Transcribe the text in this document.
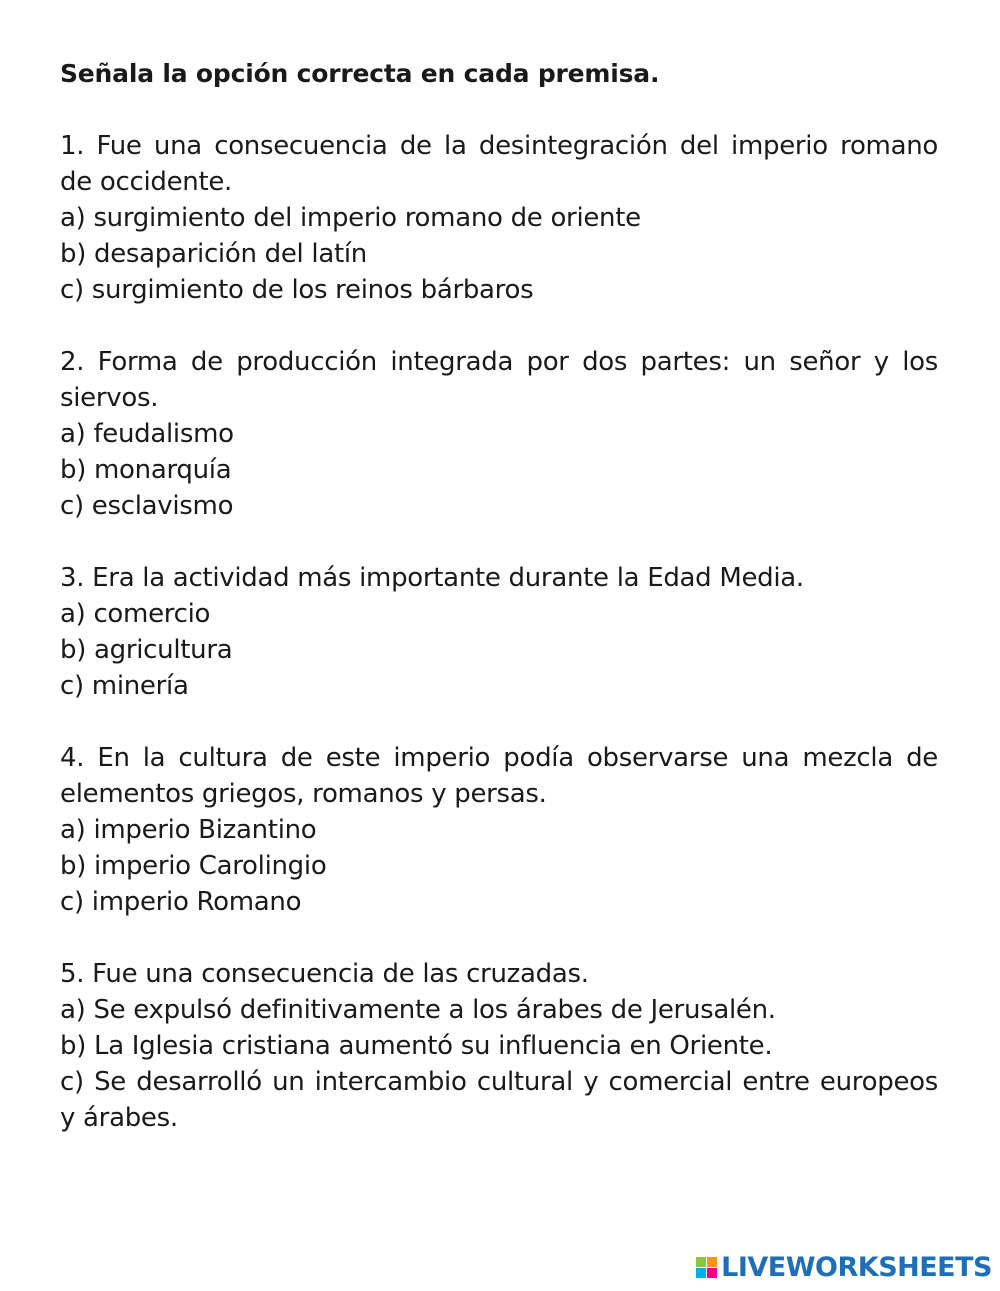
Señala la opción correcta en cada premisa.

1. Fue una consecuencia de la desintegración del imperio romano de occidente.

a) surgimiento del imperio romano de oriente

b) desaparición del latín

c) surgimiento de los reinos bárbaros

2. Forma de producción integrada por dos partes: un señor y los siervos.

a) feudalismo

b) monarquía

c) esclavismo

3. Era la actividad más importante durante la Edad Media.

a) comercio

b) agricultura

c) minería

4. En la cultura de este imperio podía observarse una mezcla de elementos griegos, romanos y persas.

a) imperio Bizantino

b) imperio Carolingio

c) imperio Romano

5. Fue una consecuencia de las cruzadas.

a) Se expulsó definitivamente a los árabes de Jerusalén.

b) La Iglesia cristiana aumentó su influencia en Oriente.

c) Se desarrolló un intercambio cultural y comercial entre europeos y árabes.

LIVEWORKSHEETS
